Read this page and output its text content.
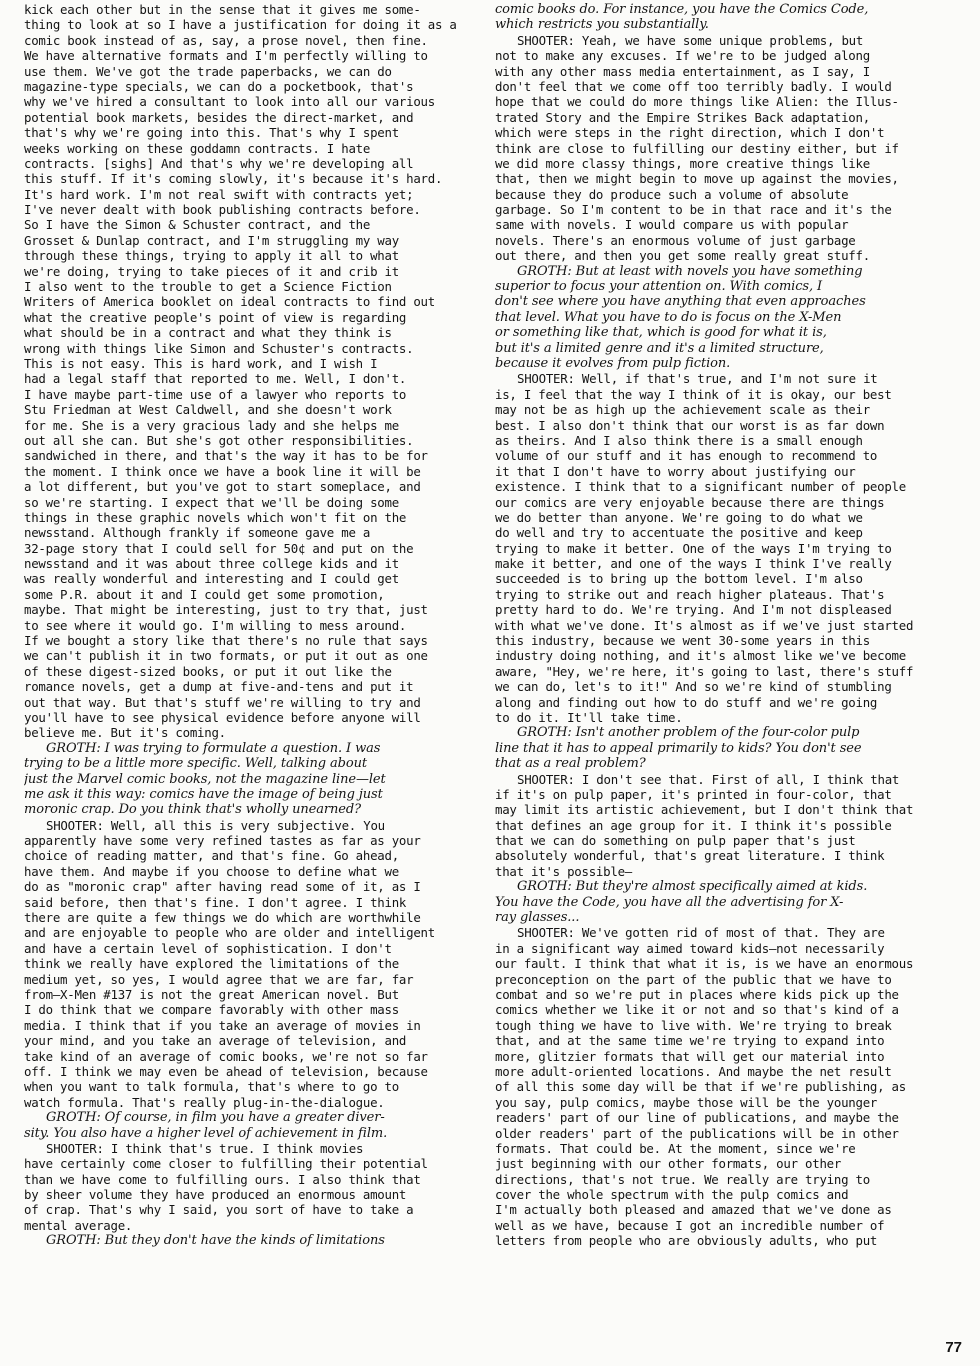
kick each other but in the sense that it gives me some-
thing to look at so I have a justification for doing it as a
comic book instead of as, say, a prose novel, then fine.
We have alternative formats and I'm perfectly willing to
use them. We've got the trade paperbacks, we can do
magazine-type specials, we can do a pocketbook, that's
why we've hired a consultant to look into all our various
potential book markets, besides the direct-market, and
that's why we're going into this. That's why I spent
weeks working on these goddamn contracts. I hate
contracts. [sighs] And that's why we're developing all
this stuff. If it's coming slowly, it's because it's hard.
It's hard work. I'm not real swift with contracts yet;
I've never dealt with book publishing contracts before.
So I have the Simon & Schuster contract, and the
Grosset & Dunlap contract, and I'm struggling my way
through these things, trying to apply it all to what
we're doing, trying to take pieces of it and crib it
I also went to the trouble to get a Science Fiction
Writers of America booklet on ideal contracts to find out
what the creative people's point of view is regarding
what should be in a contract and what they think is
wrong with things like Simon and Schuster's contracts.
This is not easy. This is hard work, and I wish I
had a legal staff that reported to me. Well, I don't.
I have maybe part-time use of a lawyer who reports to
Stu Friedman at West Caldwell, and she doesn't work
for me. She is a very gracious lady and she helps me
out all she can. But she's got other responsibilities.
sandwiched in there, and that's the way it has to be for
the moment. I think once we have a book line it will be
a lot different, but you've got to start someplace, and
so we're starting. I expect that we'll be doing some
things in these graphic novels which won't fit on the
newsstand. Although frankly if someone gave me a
32-page story that I could sell for 50¢ and put on the
newsstand and it was about three college kids and it
was really wonderful and interesting and I could get
some P.R. about it and I could get some promotion,
maybe. That might be interesting, just to try that, just
to see where it would go. I'm willing to mess around.
If we bought a story like that there's no rule that says
we can't publish it in two formats, or put it out as one
of these digest-sized books, or put it out like the
romance novels, get a dump at five-and-tens and put it
out that way. But that's stuff we're willing to try and
you'll have to see physical evidence before anyone will
believe me. But it's coming.
GROTH: I was trying to formulate a question. I was
trying to be a little more specific. Well, talking about
just the Marvel comic books, not the magazine line—let
me ask it this way: comics have the image of being just
moronic crap. Do you think that's wholly unearned?
SHOOTER: Well, all this is very subjective. You
apparently have some very refined tastes as far as your
choice of reading matter, and that's fine. Go ahead,
have them. And maybe if you choose to define what we
do as "moronic crap" after having read some of it, as I
said before, then that's fine. I don't agree. I think
there are quite a few things we do which are worthwhile
and are enjoyable to people who are older and intelligent
and have a certain level of sophistication. I don't
think we really have explored the limitations of the
medium yet, so yes, I would agree that we are far, far
from—X-Men #137 is not the great American novel. But
I do think that we compare favorably with other mass
media. I think that if you take an average of movies in
your mind, and you take an average of television, and
take kind of an average of comic books, we're not so far
off. I think we may even be ahead of television, because
when you want to talk formula, that's where to go to
watch formula. That's really plug-in-the-dialogue.
GROTH: Of course, in film you have a greater diver-
sity. You also have a higher level of achievement in film.
SHOOTER: I think that's true. I think movies
have certainly come closer to fulfilling their potential
than we have come to fulfilling ours. I also think that
by sheer volume they have produced an enormous amount
of crap. That's why I said, you sort of have to take a
mental average.
GROTH: But they don't have the kinds of limitations
comic books do. For instance, you have the Comics Code,
which restricts you substantially.
SHOOTER: Yeah, we have some unique problems, but
not to make any excuses. If we're to be judged along
with any other mass media entertainment, as I say, I
don't feel that we come off too terribly badly. I would
hope that we could do more things like Alien: the Illus-
trated Story and the Empire Strikes Back adaptation,
which were steps in the right direction, which I don't
think are close to fulfilling our destiny either, but if
we did more classy things, more creative things like
that, then we might begin to move up against the movies,
because they do produce such a volume of absolute
garbage. So I'm content to be in that race and it's the
same with novels. I would compare us with popular
novels. There's an enormous volume of just garbage
out there, and then you get some really great stuff.
GROTH: But at least with novels you have something
superior to focus your attention on. With comics, I
don't see where you have anything that even approaches
that level. What you have to do is focus on the X-Men
or something like that, which is good for what it is,
but it's a limited genre and it's a limited structure,
because it evolves from pulp fiction.
SHOOTER: Well, if that's true, and I'm not sure it
is, I feel that the way I think of it is okay, our best
may not be as high up the achievement scale as their
best. I also don't think that our worst is as far down
as theirs. And I also think there is a small enough
volume of our stuff and it has enough to recommend to
it that I don't have to worry about justifying our
existence. I think that to a significant number of people
our comics are very enjoyable because there are things
we do better than anyone. We're going to do what we
do well and try to accentuate the positive and keep
trying to make it better. One of the ways I'm trying to
make it better, and one of the ways I think I've really
succeeded is to bring up the bottom level. I'm also
trying to strike out and reach higher plateaus. That's
pretty hard to do. We're trying. And I'm not displeased
with what we've done. It's almost as if we've just started
this industry, because we went 30-some years in this
industry doing nothing, and it's almost like we've become
aware, "Hey, we're here, it's going to last, there's stuff
we can do, let's to it!" And so we're kind of stumbling
along and finding out how to do stuff and we're going
to do it. It'll take time.
GROTH: Isn't another problem of the four-color pulp
line that it has to appeal primarily to kids? You don't see
that as a real problem?
SHOOTER: I don't see that. First of all, I think that
if it's on pulp paper, it's printed in four-color, that
may limit its artistic achievement, but I don't think that
that defines an age group for it. I think it's possible
that we can do something on pulp paper that's just
absolutely wonderful, that's great literature. I think
that it's possible—
GROTH: But they're almost specifically aimed at kids.
You have the Code, you have all the advertising for X-
ray glasses...
SHOOTER: We've gotten rid of most of that. They are
in a significant way aimed toward kids—not necessarily
our fault. I think that what it is, is we have an enormous
preconception on the part of the public that we have to
combat and so we're put in places where kids pick up the
comics whether we like it or not and so that's kind of a
tough thing we have to live with. We're trying to break
that, and at the same time we're trying to expand into
more, glitzier formats that will get our material into
more adult-oriented locations. And maybe the net result
of all this some day will be that if we're publishing, as
you say, pulp comics, maybe those will be the younger
readers' part of our line of publications, and maybe the
older readers' part of the publications will be in other
formats. That could be. At the moment, since we're
just beginning with our other formats, our other
directions, that's not true. We really are trying to
cover the whole spectrum with the pulp comics and
I'm actually both pleased and amazed that we've done as
well as we have, because I got an incredible number of
letters from people who are obviously adults, who put
77
